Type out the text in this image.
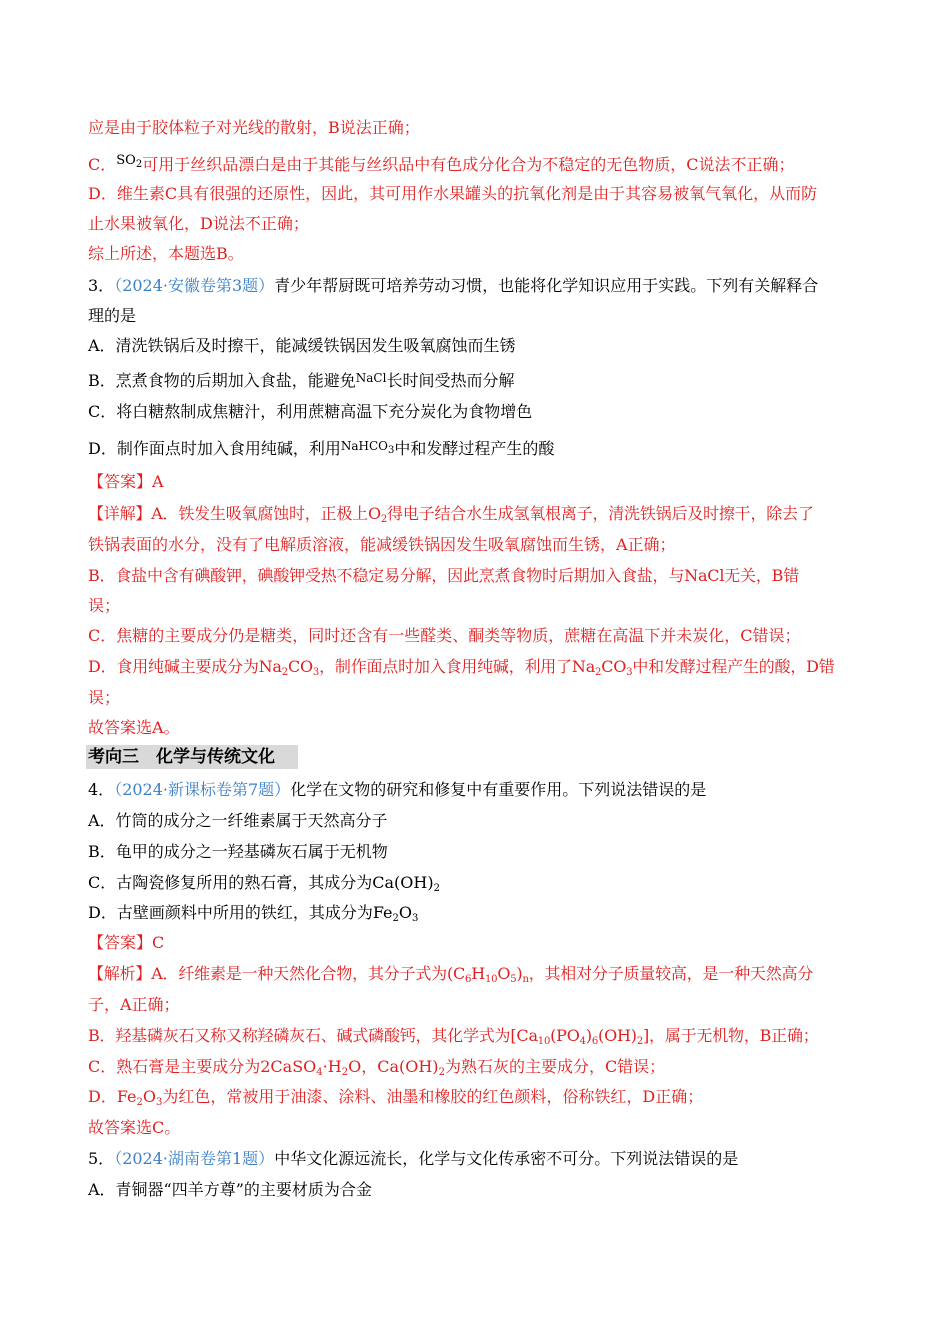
应是由于胶体粒子对光线的散射，B说法正确；
C．$^{SO_2}$可用于丝织品漂白是由于其能与丝织品中有色成分化合为不稳定的无色物质，C说法不正确；
D．维生素C具有很强的还原性，因此，其可用作水果罐头的抗氧化剂是由于其容易被氧气氧化，从而防
止水果被氧化，D说法不正确；
综上所述，本题选B。
3．（2024·安徽卷第3题）青少年帮厨既可培养劳动习惯，也能将化学知识应用于实践。下列有关解释合
理的是
A．清洗铁锅后及时擦干，能减缓铁锅因发生吸氧腐蚀而生锈
B．烹煮食物的后期加入食盐，能避免$^{NaCl}$长时间受热而分解
C．将白糖熬制成焦糖汁，利用蔗糖高温下充分炭化为食物增色
D．制作面点时加入食用纯碱，利用$^{NaHCO_3}$中和发酵过程产生的酸
【答案】A
【详解】A．铁发生吸氧腐蚀时，正极上$O_2$得电子结合水生成氢氧根离子，清洗铁锅后及时擦干，除去了
铁锅表面的水分，没有了电解质溶液，能减缓铁锅因发生吸氧腐蚀而生锈，A正确；
B．食盐中含有碘酸钾，碘酸钾受热不稳定易分解，因此烹煮食物时后期加入食盐，与NaCl无关，B错
误；
C．焦糖的主要成分仍是糖类，同时还含有一些醛类、酮类等物质，蔗糖在高温下并未炭化，C错误；
D．食用纯碱主要成分为$Na_2CO_3$，制作面点时加入食用纯碱，利用了$Na_2CO_3$中和发酵过程产生的酸，D错
误；
故答案选A。
考向三　化学与传统文化
4．（2024·新课标卷第7题）化学在文物的研究和修复中有重要作用。下列说法错误的是
A．竹筒的成分之一纤维素属于天然高分子
B．龟甲的成分之一羟基磷灰石属于无机物
C．古陶瓷修复所用的熟石膏，其成分为$Ca(OH)_2$
D．古壁画颜料中所用的铁红，其成分为$Fe_2O_3$
【答案】C
【解析】A．纤维素是一种天然化合物，其分子式为$(C_6H_{10}O_5)_n$，其相对分子质量较高，是一种天然高分
子，A正确；
B．羟基磷灰石又称又称羟磷灰石、碱式磷酸钙，其化学式为$[Ca_{10}(PO_4)_6(OH)_2]$，属于无机物，B正确；
C．熟石膏是主要成分为$2CaSO_4\cdot H_2O$，$Ca(OH)_2$为熟石灰的主要成分，C错误；
D．$Fe_2O_3$为红色，常被用于油漆、涂料、油墨和橡胶的红色颜料，俗称铁红，D正确；
故答案选C。
5．（2024·湖南卷第1题）中华文化源远流长，化学与文化传承密不可分。下列说法错误的是
A．青铜器“四羊方尊”的主要材质为合金
